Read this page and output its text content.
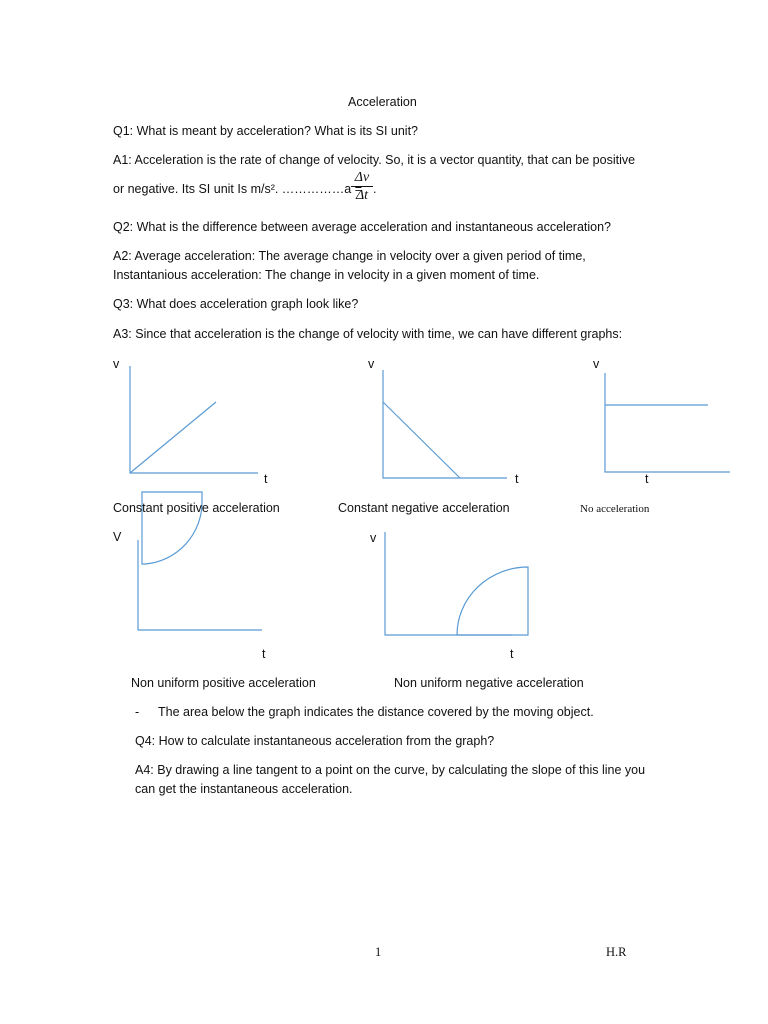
Acceleration
Q1: What is meant by acceleration? What is its SI unit?
A1: Acceleration is the rate of change of velocity. So, it is a vector quantity, that can be positive
or negative. Its SI unit Is m/s². ……………a =
$\frac{\Delta v}{\Delta t}$ .
Q2: What is the difference between average acceleration and instantaneous acceleration?
A2: Average acceleration: The average change in velocity over a given period of time,
Instantanious acceleration: The change in velocity in a given moment of time.
Q3: What does acceleration graph look like?
A3: Since that acceleration is the change of velocity with time, we can have different graphs:
v
t
v
t
v
t
Constant positive acceleration	Constant negative acceleration	No acceleration
V	v
t	t
Non uniform positive acceleration	Non uniform negative acceleration
- The area below the graph indicates the distance covered by the moving object.
Q4: How to calculate instantaneous acceleration from the graph?
A4: By drawing a line tangent to a point on the curve, by calculating the slope of this line you
can get the instantaneous acceleration.
1	H.R
